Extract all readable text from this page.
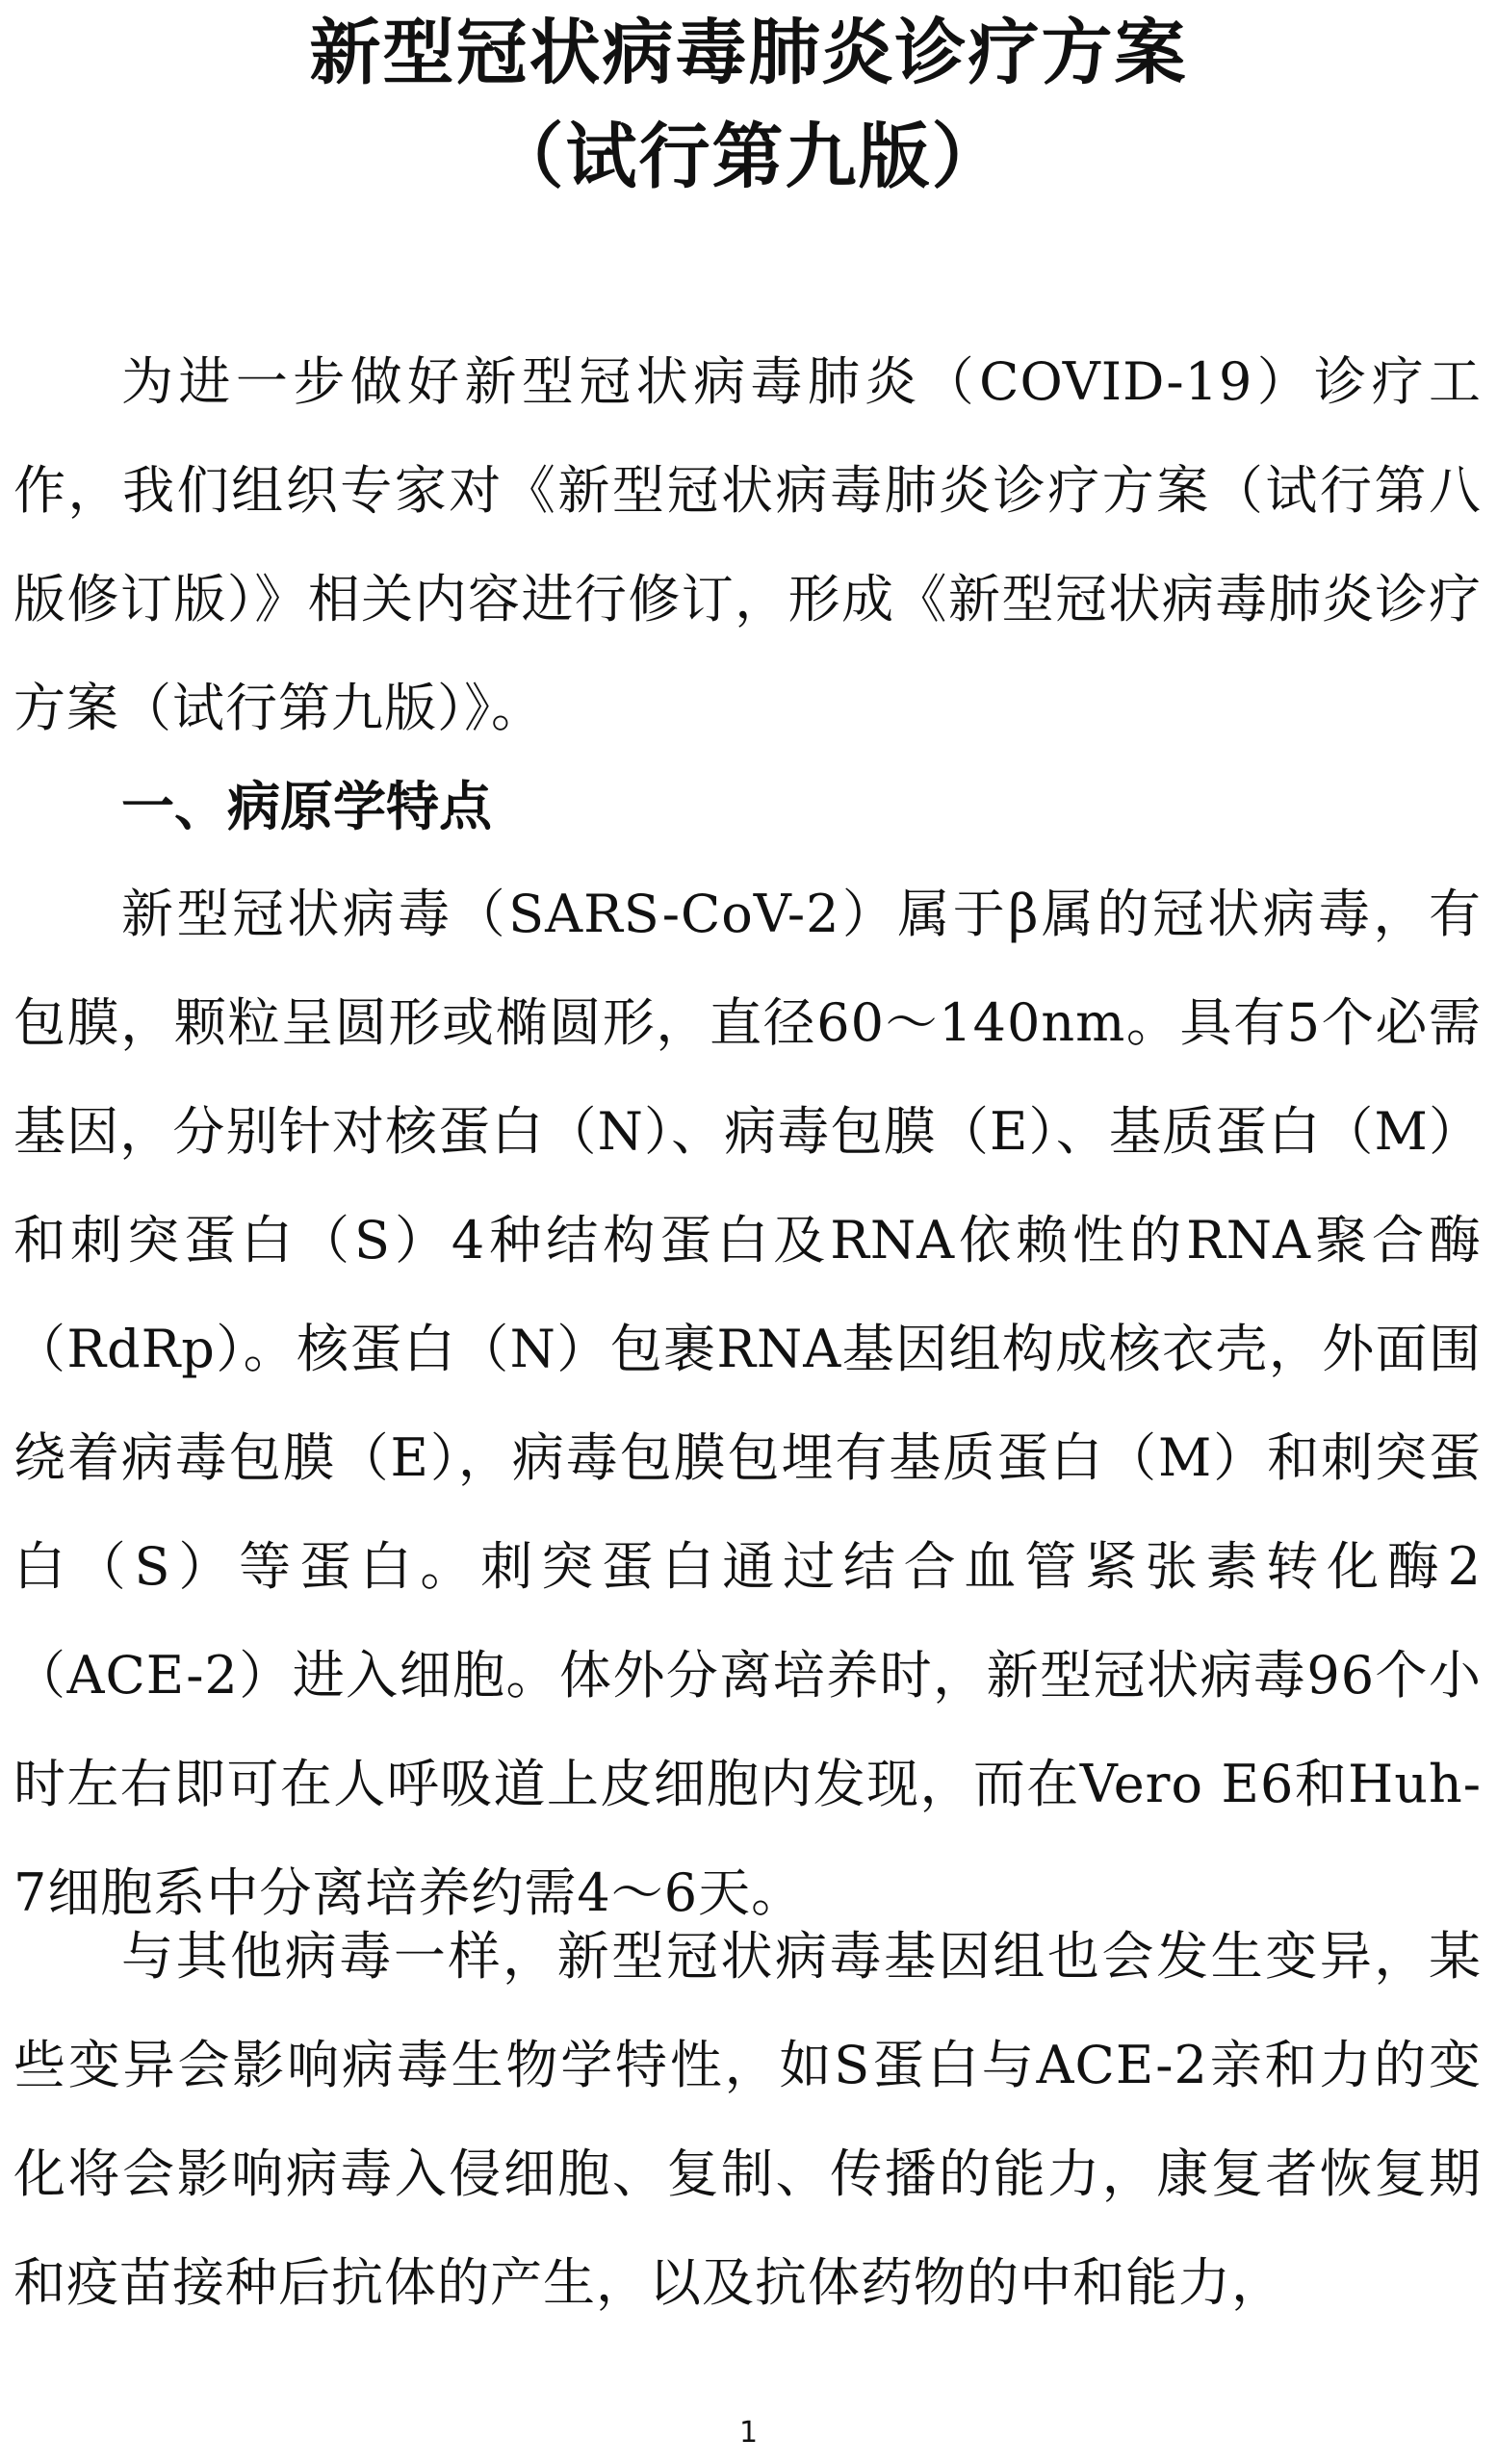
新型冠状病毒肺炎诊疗方案
（试行第九版）

为进一步做好新型冠状病毒肺炎（COVID-19）诊疗工作，我们组织专家对《新型冠状病毒肺炎诊疗方案（试行第八版修订版）》相关内容进行修订，形成《新型冠状病毒肺炎诊疗方案（试行第九版）》。

一、病原学特点

新型冠状病毒（SARS-CoV-2）属于β属的冠状病毒，有包膜，颗粒呈圆形或椭圆形，直径60～140nm。具有5个必需基因，分别针对核蛋白（N）、病毒包膜（E）、基质蛋白（M）和刺突蛋白（S）4种结构蛋白及RNA依赖性的RNA聚合酶（RdRp）。核蛋白（N）包裹RNA基因组构成核衣壳，外面围绕着病毒包膜（E），病毒包膜包埋有基质蛋白（M）和刺突蛋白（S）等蛋白。刺突蛋白通过结合血管紧张素转化酶2（ACE-2）进入细胞。体外分离培养时，新型冠状病毒96个小时左右即可在人呼吸道上皮细胞内发现，而在Vero E6和Huh-7细胞系中分离培养约需4～6天。

与其他病毒一样，新型冠状病毒基因组也会发生变异，某些变异会影响病毒生物学特性，如S蛋白与ACE-2亲和力的变化将会影响病毒入侵细胞、复制、传播的能力，康复者恢复期和疫苗接种后抗体的产生，以及抗体药物的中和能力，

1
